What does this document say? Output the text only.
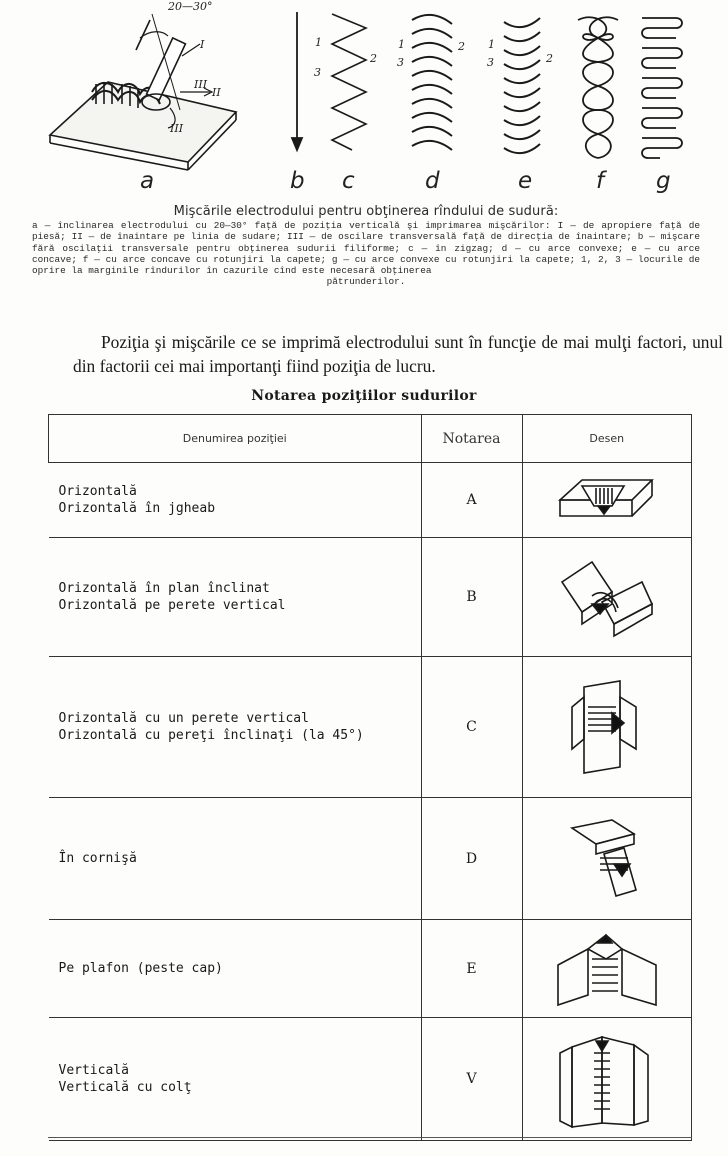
I
III
II
III
20—30°
1
3
2
1
3
2 1
3	2
a	b c	d	e	f g
Mişcările electrodului pentru obţinerea rîndului de sudură:
a — înclinarea electrodului cu 20—30° faţă de poziţia verticală şi imprimarea mişcărilor: I — de apropiere faţă de piesă; II — de înaintare pe linia de sudare; III — de oscilare transversală faţă de direcţia de înaintare; b — mişcare fără oscilaţii transversale pentru obţinerea sudurii filiforme; c — în zigzag; d — cu arce convexe; e — cu arce concave; f — cu arce concave cu rotunjiri la capete; g — cu arce convexe cu rotunjiri la capete; 1, 2, 3 — locurile de oprire la marginile rîndurilor în cazurile cînd este necesară obţinerea
pătrunderilor.
Poziţia şi mişcările ce se imprimă electrodului sunt în funcţie de mai mulţi factori, unul din factorii cei mai importanţi fiind poziţia de lucru.
Notarea poziţiilor sudurilor
Denumirea poziţiei	Notarea	Desen

Orizontală
Orizontală în jgheab	A	

Orizontală în plan înclinat
Orizontală pe perete vertical	B	

Orizontală cu un perete vertical
Orizontală cu pereţi înclinaţi (la 45°)	C	

În cornişă	D	

Pe plafon (peste cap)	E	

Verticală
Verticală cu colţ	V	
